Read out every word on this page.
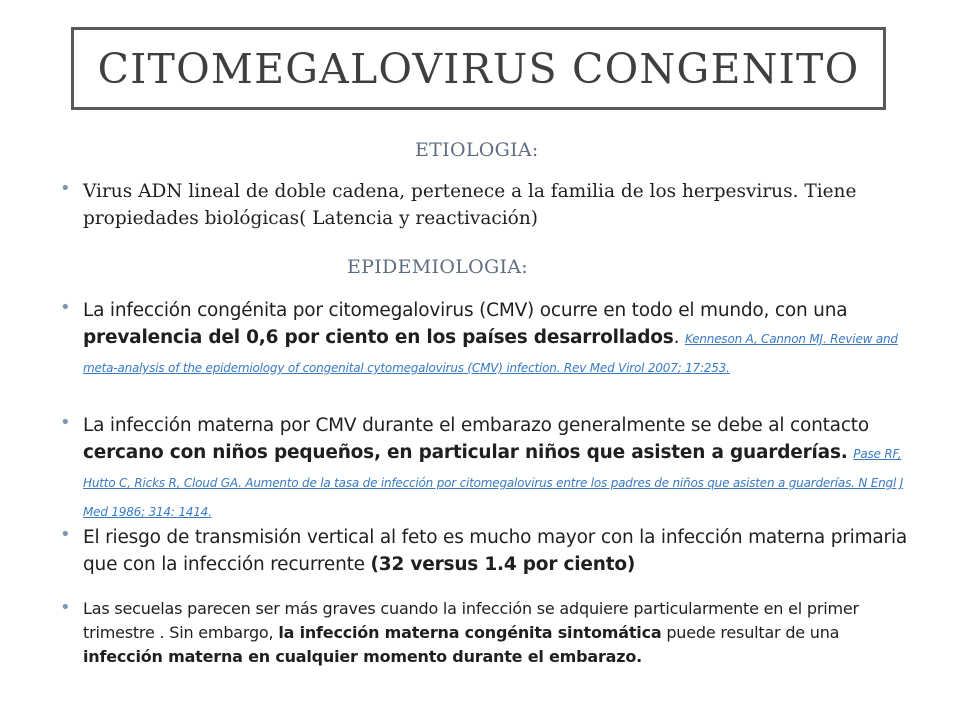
CITOMEGALOVIRUS CONGENITO
ETIOLOGIA:
• Virus ADN lineal de doble cadena, pertenece a la familia de los herpesvirus. Tiene propiedades biológicas( Latencia y reactivación)
EPIDEMIOLOGIA:
• La infección congénita por citomegalovirus (CMV) ocurre en todo el mundo, con una prevalencia del 0,6 por ciento en los países desarrollados. Kenneson A, Cannon MJ. Review and meta-analysis of the epidemiology of congenital cytomegalovirus (CMV) infection. Rev Med Virol 2007; 17:253.
• La infección materna por CMV durante el embarazo generalmente se debe al contacto cercano con niños pequeños, en particular niños que asisten a guarderías. Pase RF, Hutto C, Ricks R, Cloud GA. Aumento de la tasa de infección por citomegalovirus entre los padres de niños que asisten a guarderías. N Engl J Med 1986; 314: 1414.
• El riesgo de transmisión vertical al feto es mucho mayor con la infección materna primaria que con la infección recurrente (32 versus 1.4 por ciento)
• Las secuelas parecen ser más graves cuando la infección se adquiere particularmente en el primer trimestre . Sin embargo, la infección materna congénita sintomática puede resultar de una infección materna en cualquier momento durante el embarazo.
